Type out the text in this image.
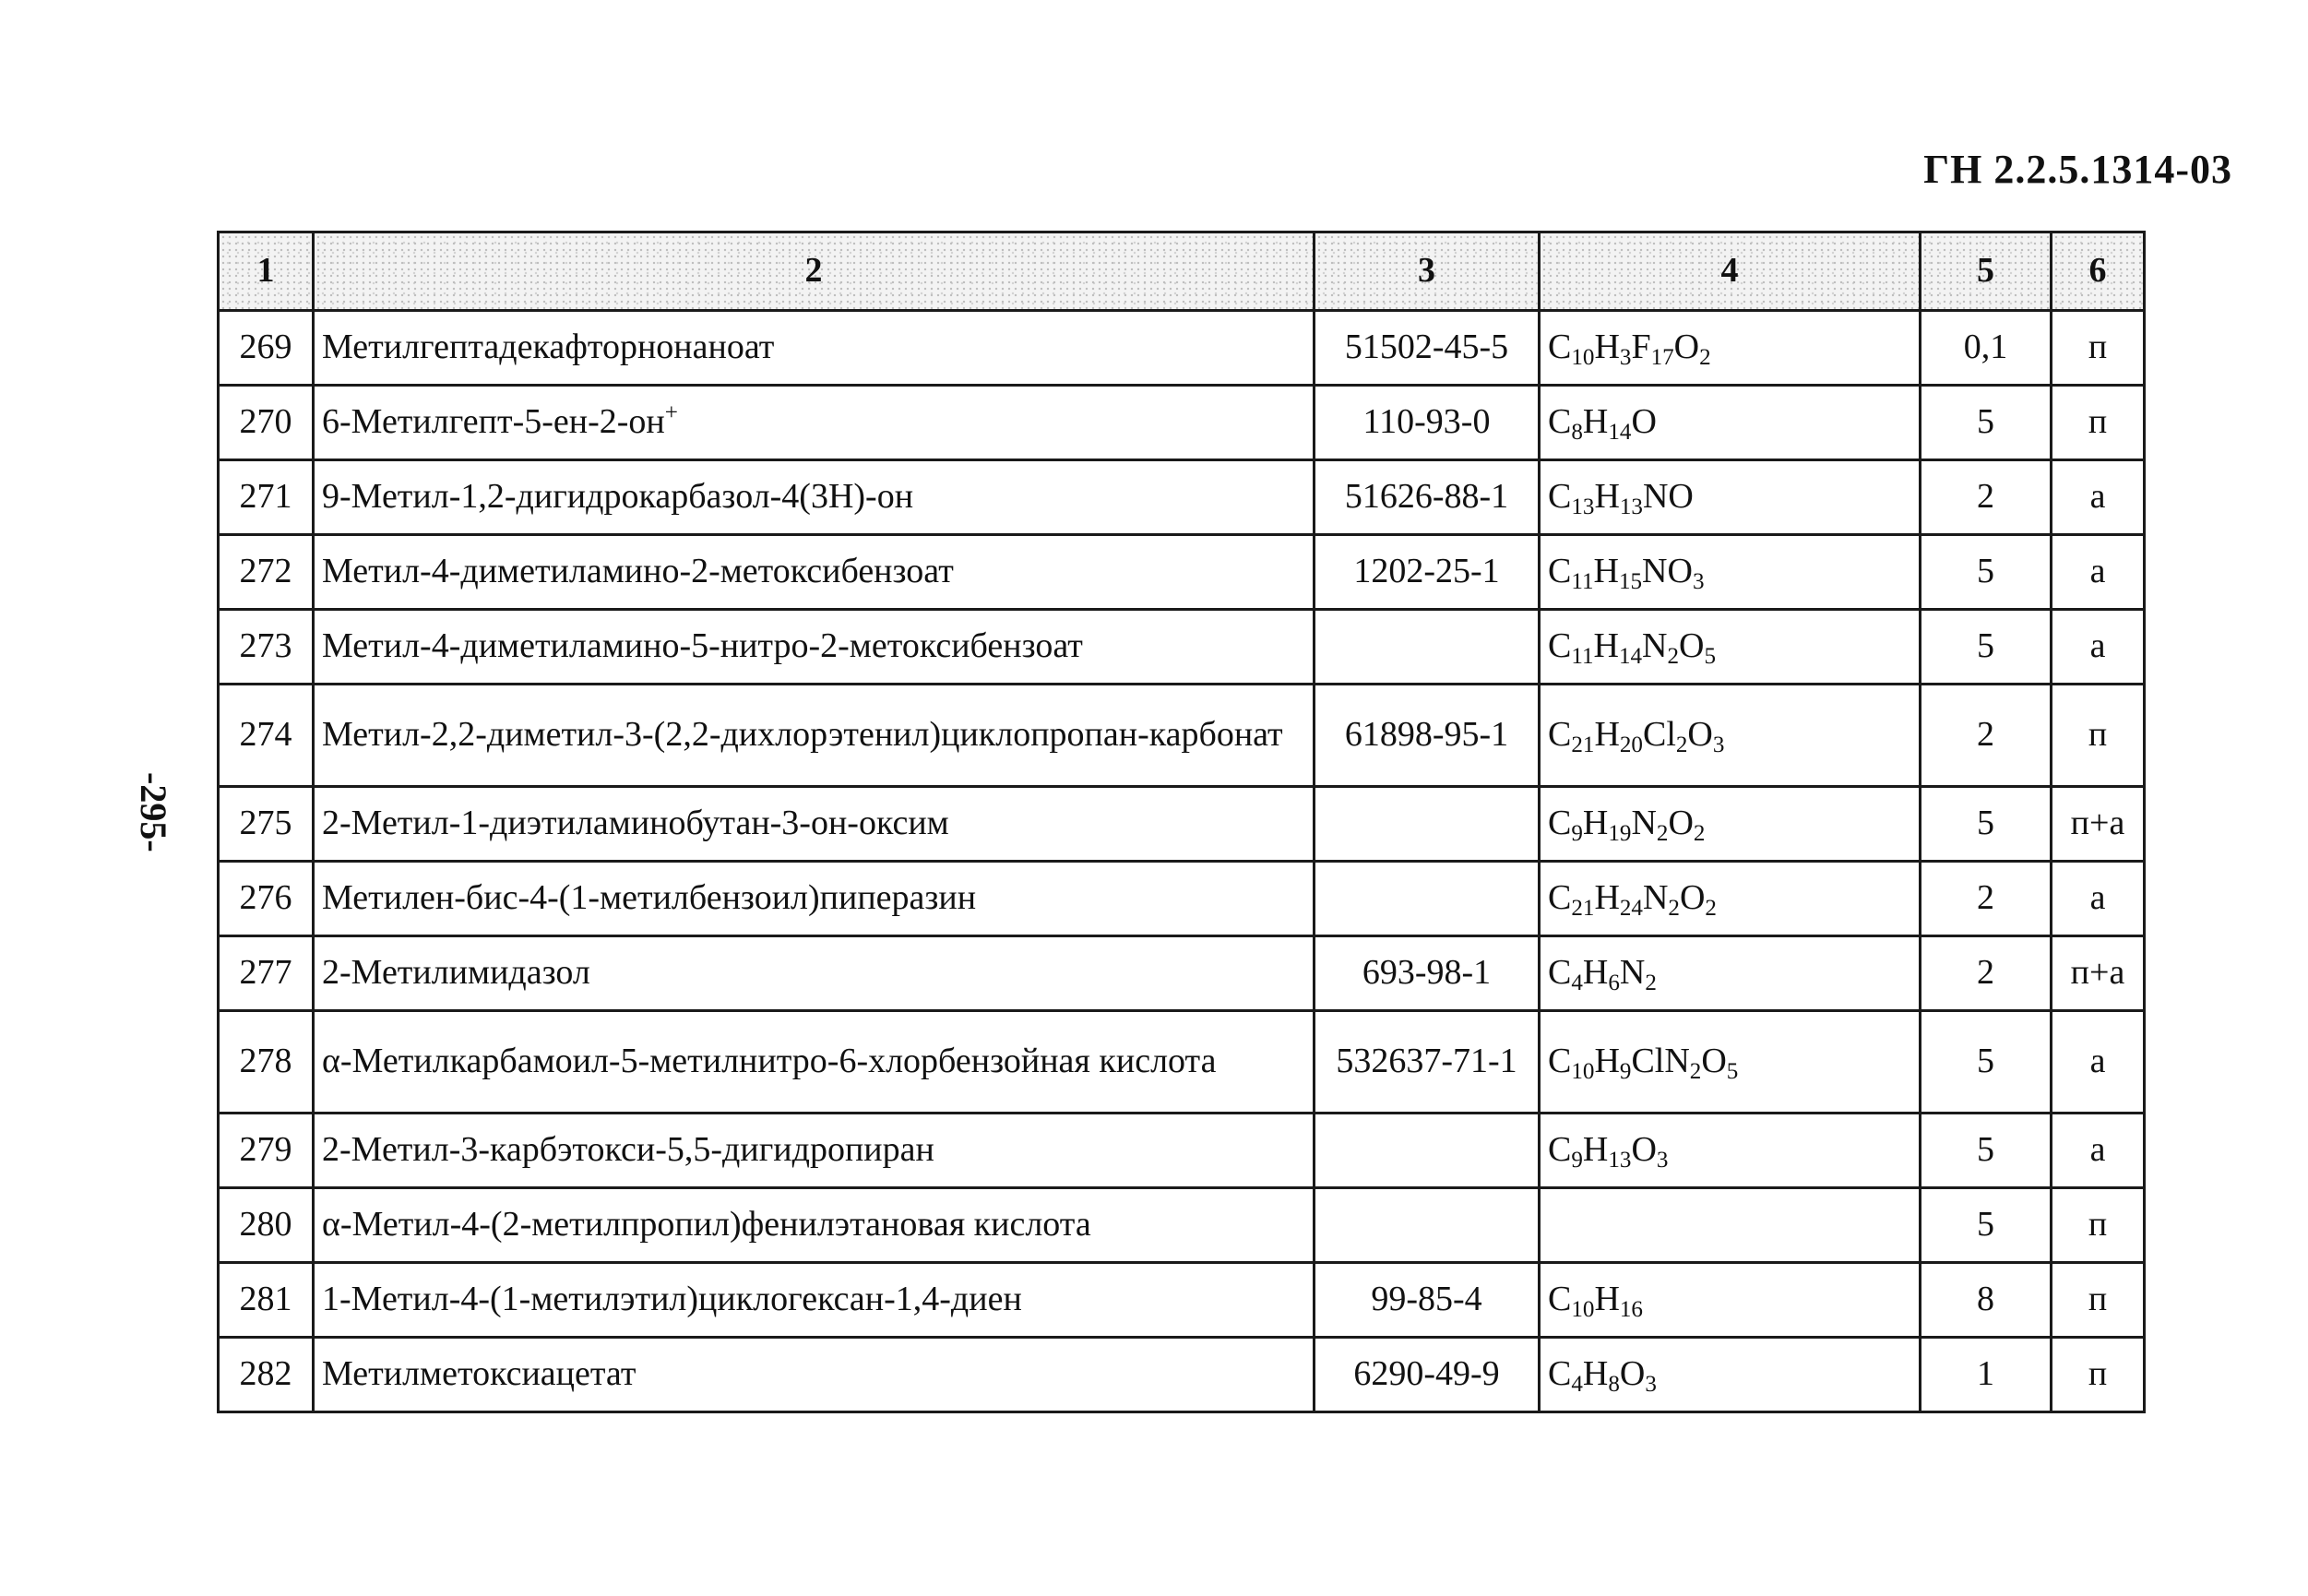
ГН 2.2.5.1314-03
-295-
1	2	3	4	5	6
269	Метилгептадекафторнонаноат	51502-45-5	$C_{10}H_3F_{17}O_2$	0,1	п
270	6-Метилгепт-5-ен-2-он+	110-93-0	$C_8H_{14}O$	5	п
271	9-Метил-1,2-дигидрокарбазол-4(3Н)-он	51626-88-1	$C_{13}H_{13}NO$	2	а
272	Метил-4-диметиламино-2-метоксибензоат	1202-25-1	$C_{11}H_{15}NO_3$	5	а
273	Метил-4-диметиламино-5-нитро-2-метоксибензоат		$C_{11}H_{14}N_2O_5$	5	а
274	Метил-2,2-диметил-3-(2,2-дихлорэтенил)циклопропан-карбонат	61898-95-1	$C_{21}H_{20}Cl_2O_3$	2	п
275	2-Метил-1-диэтиламинобутан-3-он-оксим		$C_9H_{19}N_2O_2$	5	п+а
276	Метилен-бис-4-(1-метилбензоил)пиперазин		$C_{21}H_{24}N_2O_2$	2	а
277	2-Метилимидазол	693-98-1	$C_4H_6N_2$	2	п+а
278	α-Метилкарбамоил-5-метилнитро-6-хлорбензойная кислота	532637-71-1	$C_{10}H_9ClN_2O_5$	5	а
279	2-Метил-3-карбэтокси-5,5-дигидропиран		$C_9H_{13}O_3$	5	а
280	α-Метил-4-(2-метилпропил)фенилэтановая кислота			5	п
281	1-Метил-4-(1-метилэтил)циклогексан-1,4-диен	99-85-4	$C_{10}H_{16}$	8	п
282	Метилметоксиацетат	6290-49-9	$C_4H_8O_3$	1	п
